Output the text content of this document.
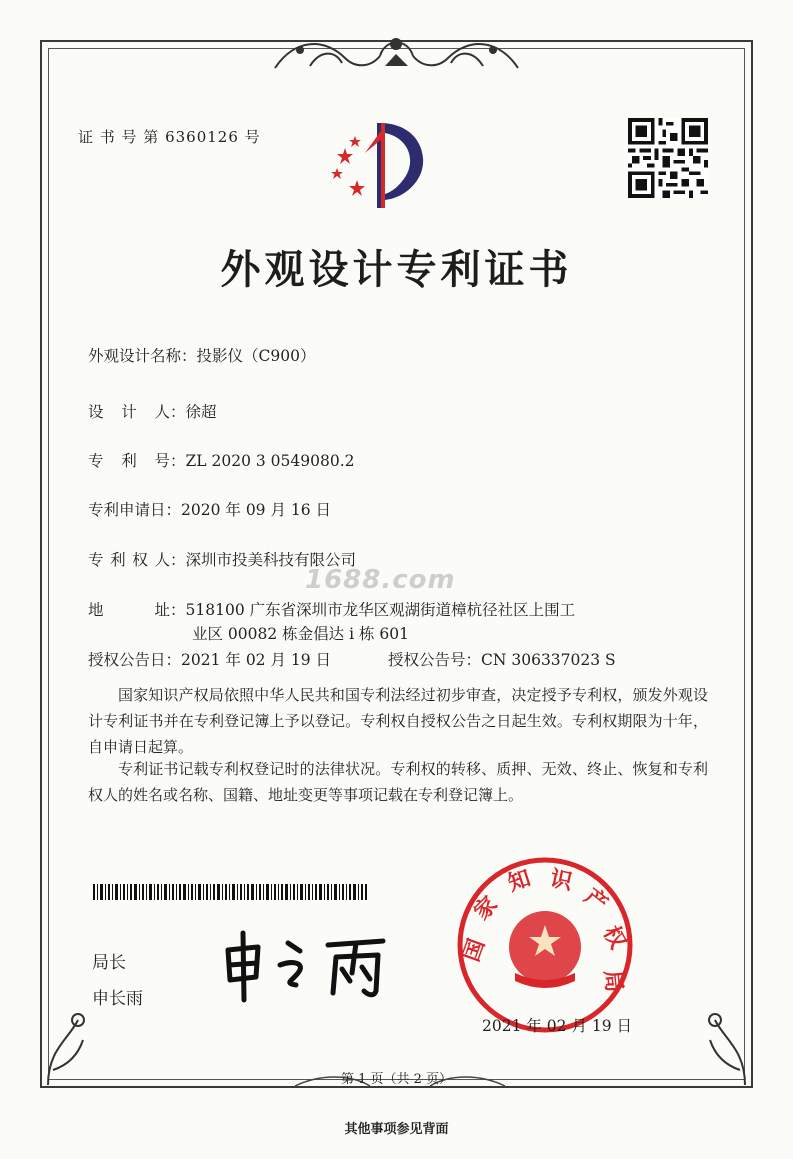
证 书 号 第 6360126 号
外观设计专利证书
外观设计名称：投影仪（C900）
设 计 人 ：徐超
专 利 号 ：ZL 2020 3 0549080.2
专利申请日：2020 年 09 月 16 日
专 利 权 人 ：深圳市投美科技有限公司
1688.com
地	址 ：518100 广东省深圳市龙华区观湖街道樟杭径社区上围工
业区 00082 栋金倡达 i 栋 601
授权公告日：2021 年 02 月 19 日	授权公告号：CN 306337023 S
国家知识产权局依照中华人民共和国专利法经过初步审查，决定授予专利权，颁发外观设计专利证书并在专利登记簿上予以登记。专利权自授权公告之日起生效。专利权期限为十年，自申请日起算。
专利证书记载专利权登记时的法律状况。专利权的转移、质押、无效、终止、恢复和专利权人的姓名或名称、国籍、地址变更等事项记载在专利登记簿上。
局长
申长雨
国
家
知 识
产
权
局
2021 年 02 月 19 日
第 1 页（共 2 页）
其他事项参见背面
